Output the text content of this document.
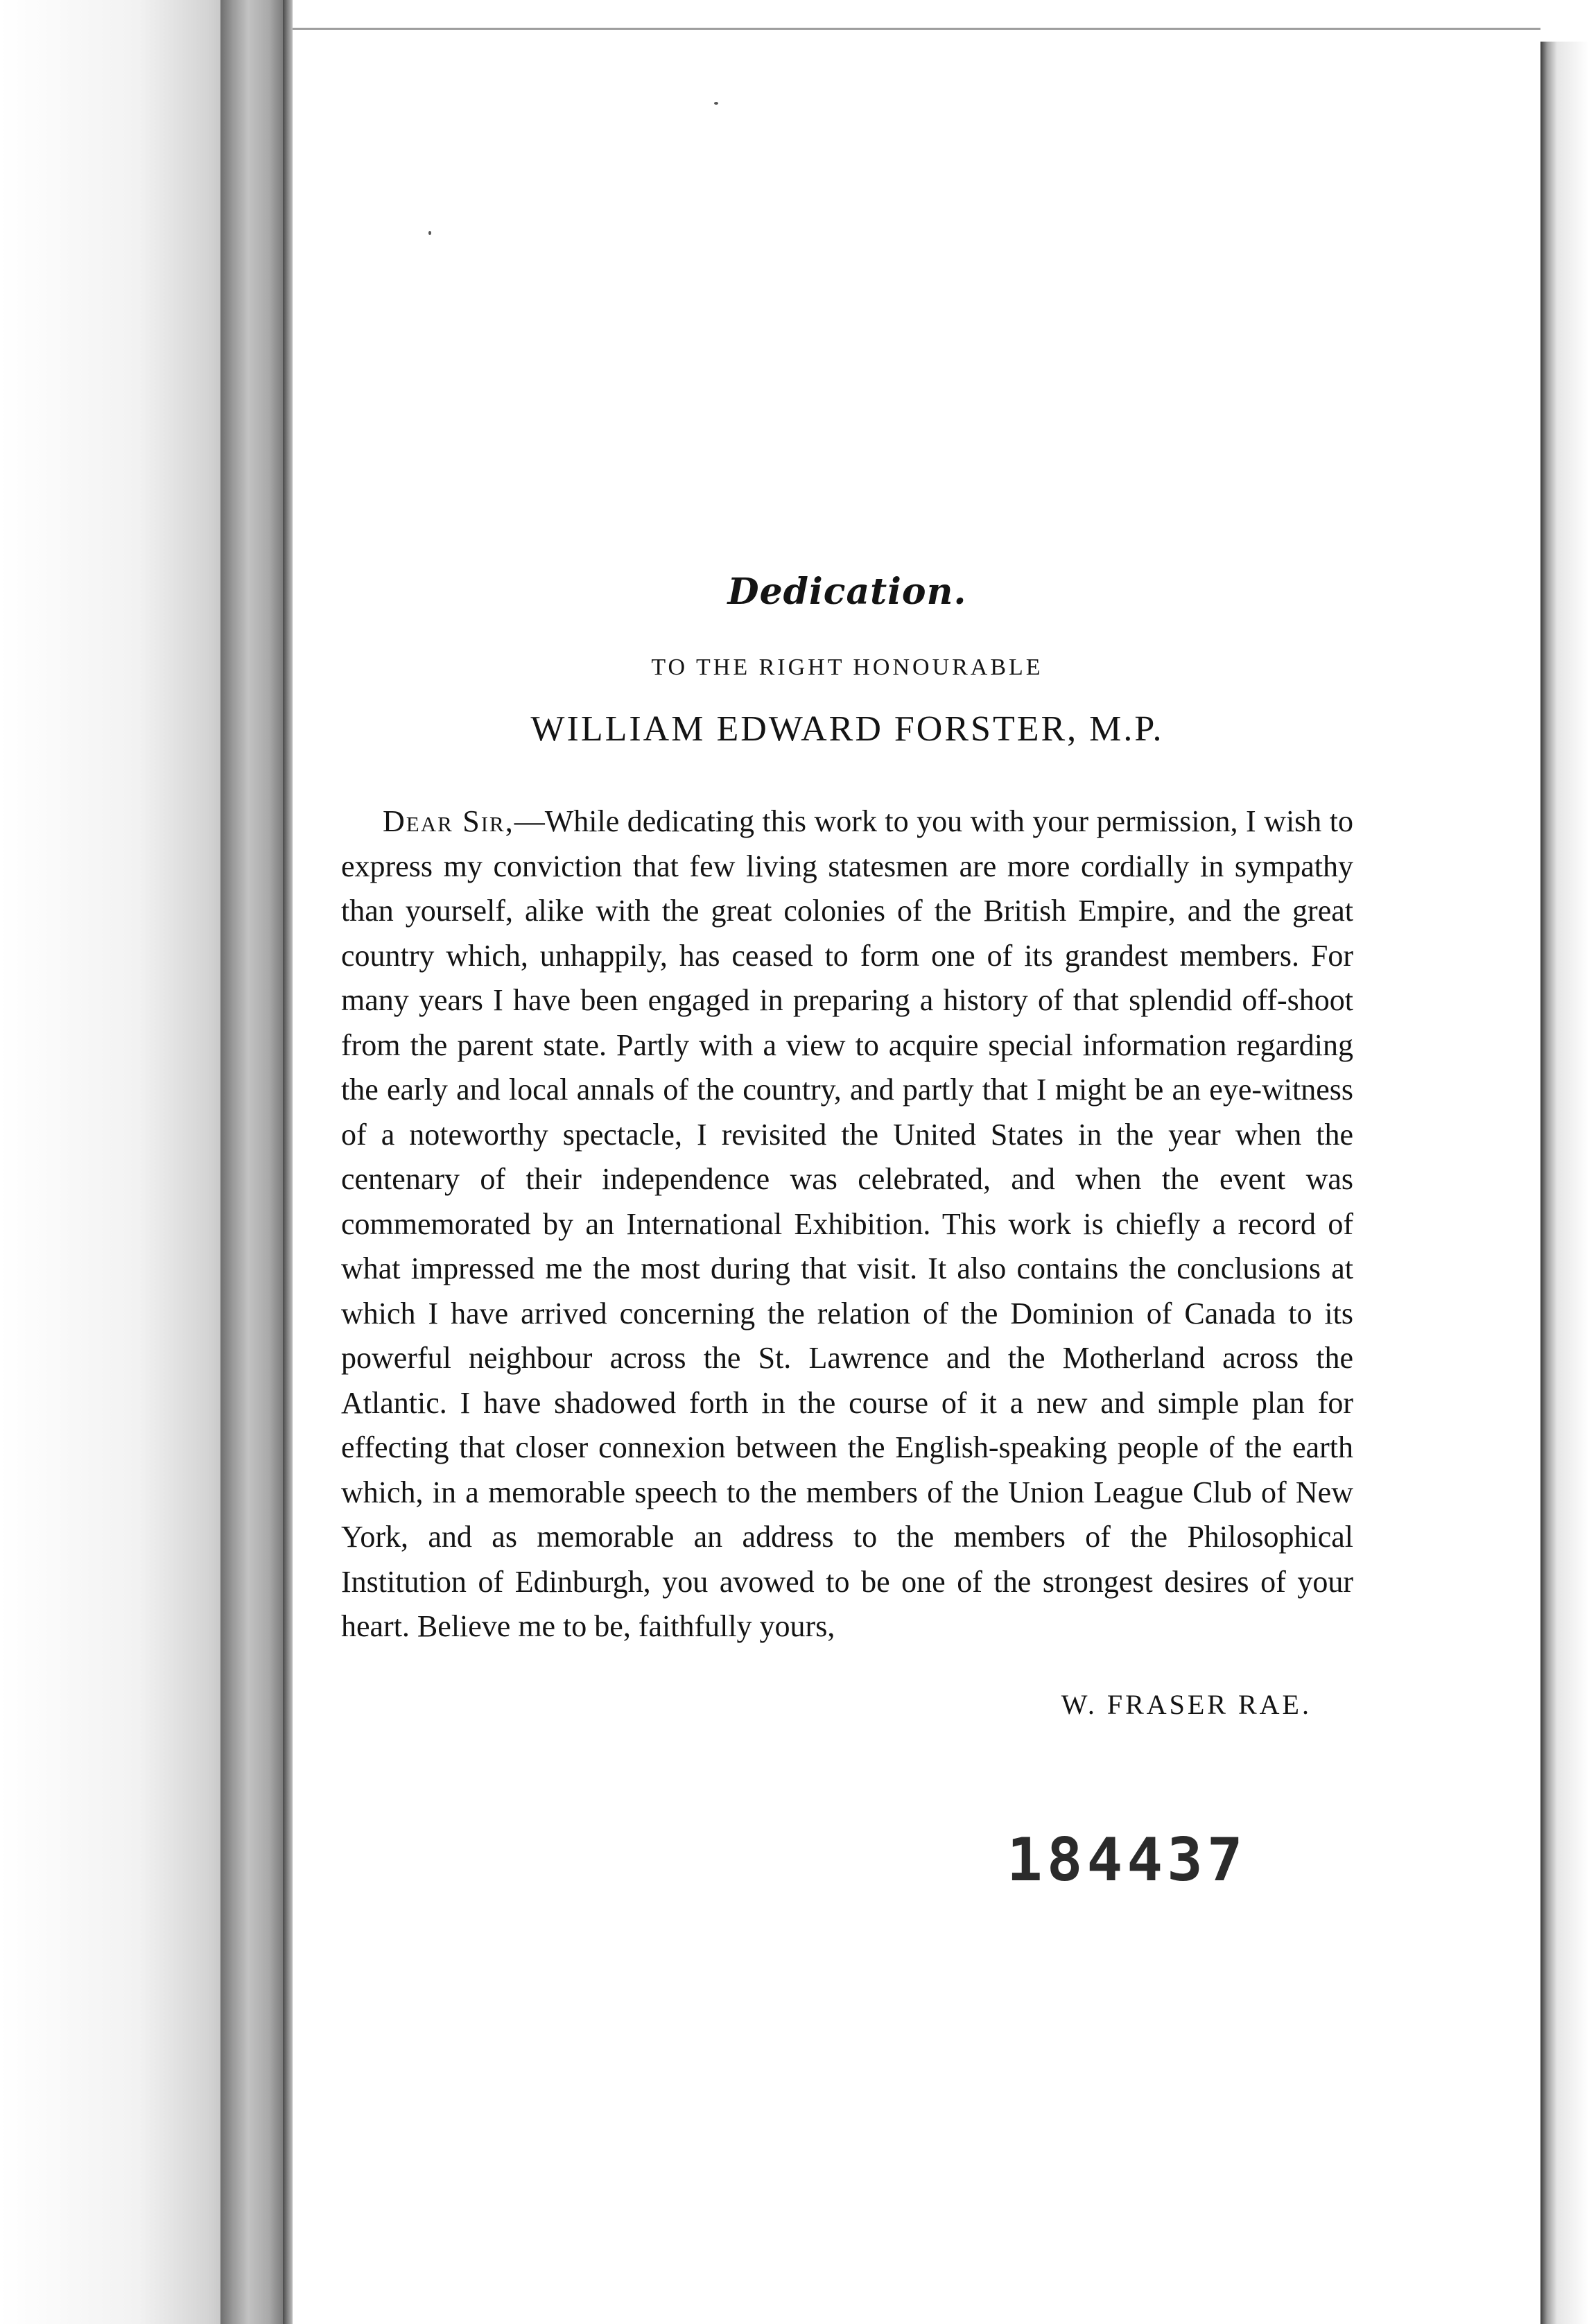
Dedication.

TO THE RIGHT HONOURABLE

WILLIAM EDWARD FORSTER, M.P.

Dear Sir,—While dedicating this work to you with your permission, I wish to express my conviction that few living statesmen are more cordially in sympathy than yourself, alike with the great colonies of the British Empire, and the great country which, unhappily, has ceased to form one of its grandest members. For many years I have been engaged in preparing a history of that splendid off-shoot from the parent state. Partly with a view to acquire special information regarding the early and local annals of the country, and partly that I might be an eye-witness of a noteworthy spectacle, I revisited the United States in the year when the centenary of their independence was celebrated, and when the event was commemorated by an International Exhibition. This work is chiefly a record of what impressed me the most during that visit. It also contains the conclusions at which I have arrived concerning the relation of the Dominion of Canada to its powerful neighbour across the St. Lawrence and the Motherland across the Atlantic. I have shadowed forth in the course of it a new and simple plan for effecting that closer connexion between the English-speaking people of the earth which, in a memorable speech to the members of the Union League Club of New York, and as memorable an address to the members of the Philosophical Institution of Edinburgh, you avowed to be one of the strongest desires of your heart. Believe me to be, faithfully yours,

W. FRASER RAE.

184437
